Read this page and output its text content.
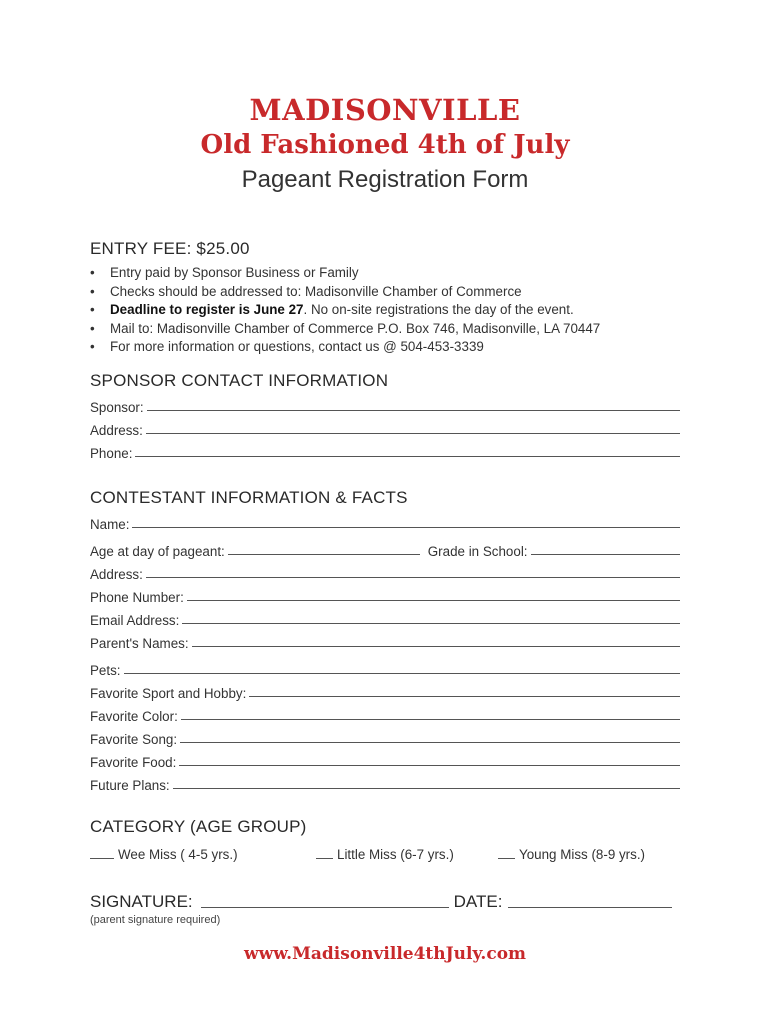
MADISONVILLE
Old Fashioned 4th of July
Pageant Registration Form
ENTRY FEE: $25.00
• Entry paid by Sponsor Business or Family
• Checks should be addressed to: Madisonville Chamber of Commerce
• Deadline to register is June 27. No on-site registrations the day of the event.
• Mail to: Madisonville Chamber of Commerce P.O. Box 746, Madisonville, LA 70447
• For more information or questions, contact us @ 504-453-3339
SPONSOR CONTACT INFORMATION
Sponsor:
Address:
Phone:
CONTESTANT INFORMATION & FACTS
Name:
Age at day of pageant:	Grade in School:
Address:
Phone Number:
Email Address:
Parent's Names:
Pets:
Favorite Sport and Hobby:
Favorite Color:
Favorite Song:
Favorite Food:
Future Plans:
CATEGORY (AGE GROUP)
Wee Miss ( 4-5 yrs.)	Little Miss (6-7 yrs.)	Young Miss (8-9 yrs.)
SIGNATURE:	DATE:
(parent signature required)
www.Madisonville4thJuly.com
